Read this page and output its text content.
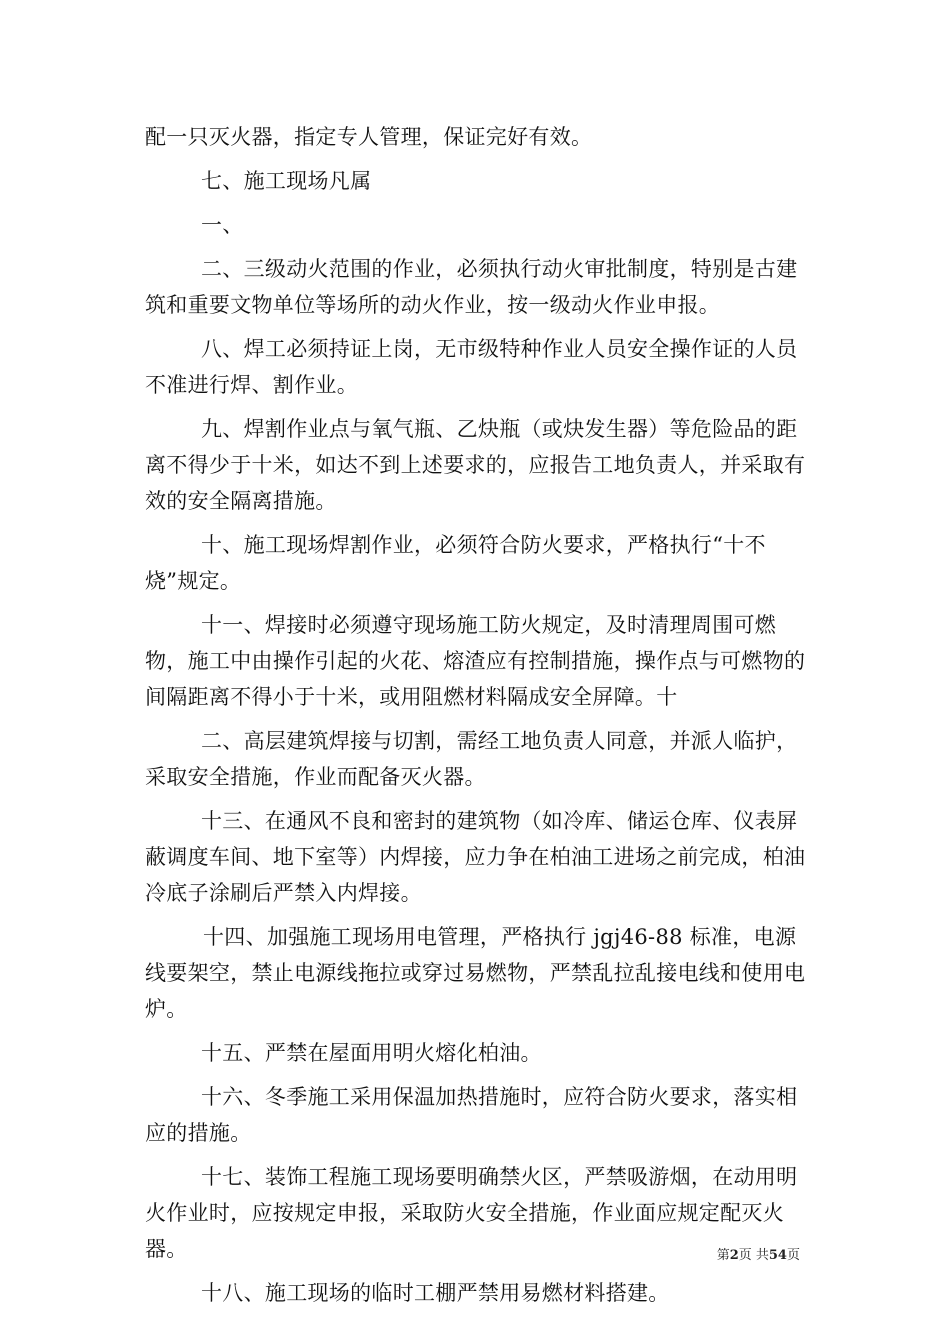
配一只灭火器，指定专人管理，保证完好有效。

七、施工现场凡属

一、

二、三级动火范围的作业，必须执行动火审批制度，特别是古建筑和重要文物单位等场所的动火作业，按一级动火作业申报。

八、焊工必须持证上岗，无市级特种作业人员安全操作证的人员不准进行焊、割作业。

九、焊割作业点与氧气瓶、乙炔瓶（或炔发生器）等危险品的距离不得少于十米，如达不到上述要求的，应报告工地负责人，并采取有效的安全隔离措施。

十、施工现场焊割作业，必须符合防火要求，严格执行“十不烧”规定。

十一、焊接时必须遵守现场施工防火规定，及时清理周围可燃物，施工中由操作引起的火花、熔渣应有控制措施，操作点与可燃物的间隔距离不得小于十米，或用阻燃材料隔成安全屏障。十

二、高层建筑焊接与切割，需经工地负责人同意，并派人临护，采取安全措施，作业而配备灭火器。

十三、在通风不良和密封的建筑物（如冷库、储运仓库、仪表屏蔽调度车间、地下室等）内焊接，应力争在柏油工进场之前完成，柏油冷底子涂刷后严禁入内焊接。

十四、加强施工现场用电管理，严格执行 jgj46-88 标准，电源线要架空，禁止电源线拖拉或穿过易燃物，严禁乱拉乱接电线和使用电炉。

十五、严禁在屋面用明火熔化柏油。

十六、冬季施工采用保温加热措施时，应符合防火要求，落实相应的措施。

十七、装饰工程施工现场要明确禁火区，严禁吸游烟，在动用明火作业时，应按规定申报，采取防火安全措施，作业面应规定配灭火器。

十八、施工现场的临时工棚严禁用易燃材料搭建。

第2页 共54页
